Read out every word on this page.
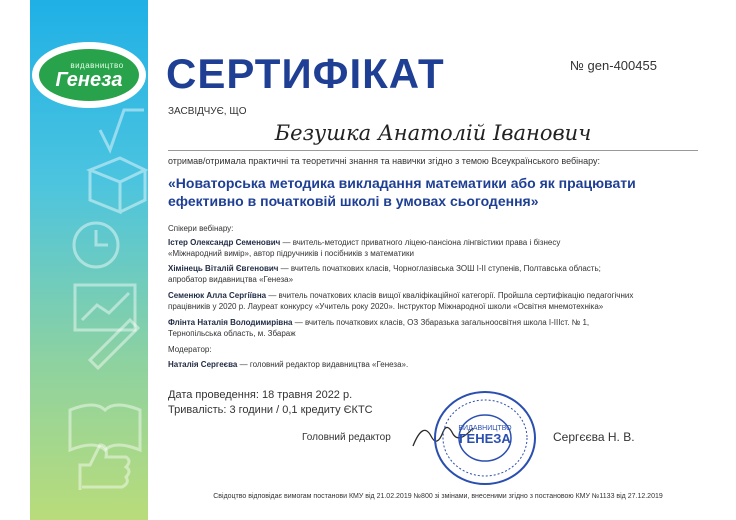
видавництво
Генеза СЕРТИФІКАТ	№ gen-400455
ЗАСВІДЧУЄ, ЩО
Безушка Анатолій Іванович
отримав/отримала практичні та теоретичні знання та навички згідно з темою Всеукраїнського вебінару:
«Новаторська методика викладання математики або як працювати
ефективно в початковій школі в умовах сьогодення»
Спікери вебінару:
Істер Олександр Семенович — вчитель-методист приватного ліцею-пансіона лінгвістики права і бізнесу
«Міжнародний вимір», автор підручників і посібників з математики
Хімінець Віталій Євгенович — вчитель початкових класів, Чорноглазівська ЗОШ І-ІІ ступенів, Полтавська область;
апробатор видавництва «Генеза»
Семенюк Алла Сергіївна — вчитель початкових класів вищої кваліфікаційної категорії. Пройшла сертифікацію педагогічних
працівників у 2020 р. Лауреат конкурсу «Учитель року 2020». Інструктор Міжнародної школи «Освітня мнемотехніка»
Флінта Наталія Володимирівна — вчитель початкових класів, ОЗ Збаразька загальноосвітня школа І-ІІІст. № 1,
Тернопільська область, м. Збараж
Модератор:
Наталія Сергеєва — головний редактор видавництва «Генеза».
Дата проведення: 18 травня 2022 р.
Тривалість: 3 години / 0,1 кредиту ЄКТС
Головний редактор
ВИДАВНИЦТВО
ГЕНЕЗА	Сергєєва Н. В.
Свідоцтво відповідає вимогам постанови КМУ від 21.02.2019 №800 зі змінами, внесеними згідно з постановою КМУ №1133 від 27.12.2019
